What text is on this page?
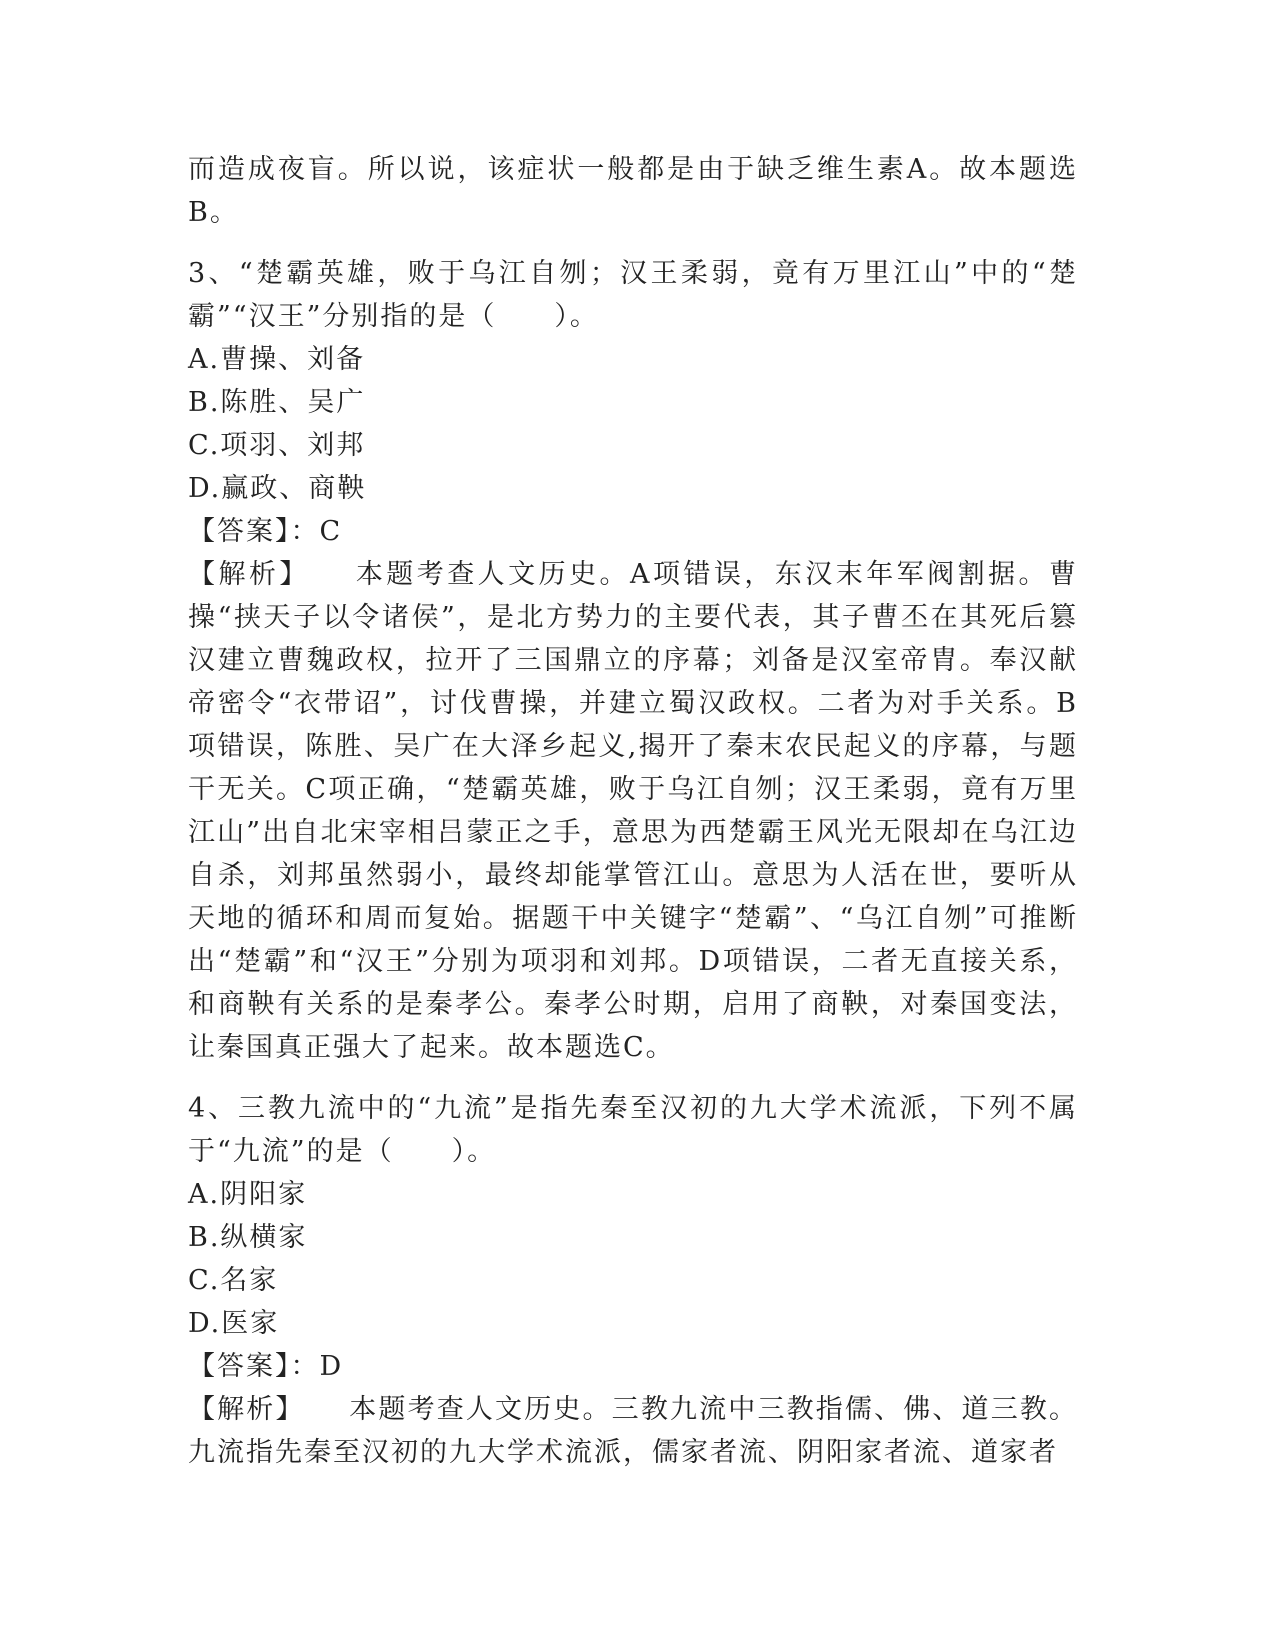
而造成夜盲。所以说，该症状一般都是由于缺乏维生素A。故本题选B。

3、“楚霸英雄，败于乌江自刎；汉王柔弱，竟有万里江山”中的“楚霸”“汉王”分别指的是（　　）。

A.曹操、刘备

B.陈胜、吴广

C.项羽、刘邦

D.赢政、商鞅

【答案】：C

【解析】   本题考查人文历史。A项错误，东汉末年军阀割据。曹操“挟天子以令诸侯”，是北方势力的主要代表，其子曹丕在其死后篡汉建立曹魏政权，拉开了三国鼎立的序幕；刘备是汉室帝胄。奉汉献帝密令“衣带诏”，讨伐曹操，并建立蜀汉政权。二者为对手关系。B项错误，陈胜、吴广在大泽乡起义,揭开了秦末农民起义的序幕，与题干无关。C项正确，“楚霸英雄，败于乌江自刎；汉王柔弱，竟有万里江山”出自北宋宰相吕蒙正之手，意思为西楚霸王风光无限却在乌江边自杀，刘邦虽然弱小，最终却能掌管江山。意思为人活在世，要听从天地的循环和周而复始。据题干中关键字“楚霸”、“乌江自刎”可推断出“楚霸”和“汉王”分别为项羽和刘邦。D项错误，二者无直接关系，和商鞅有关系的是秦孝公。秦孝公时期，启用了商鞅，对秦国变法，让秦国真正强大了起来。故本题选C。

4、三教九流中的“九流”是指先秦至汉初的九大学术流派，下列不属于“九流”的是（　　）。

A.阴阳家

B.纵横家

C.名家

D.医家

【答案】：D

【解析】   本题考查人文历史。三教九流中三教指儒、佛、道三教。九流指先秦至汉初的九大学术流派，儒家者流、阴阳家者流、道家者
